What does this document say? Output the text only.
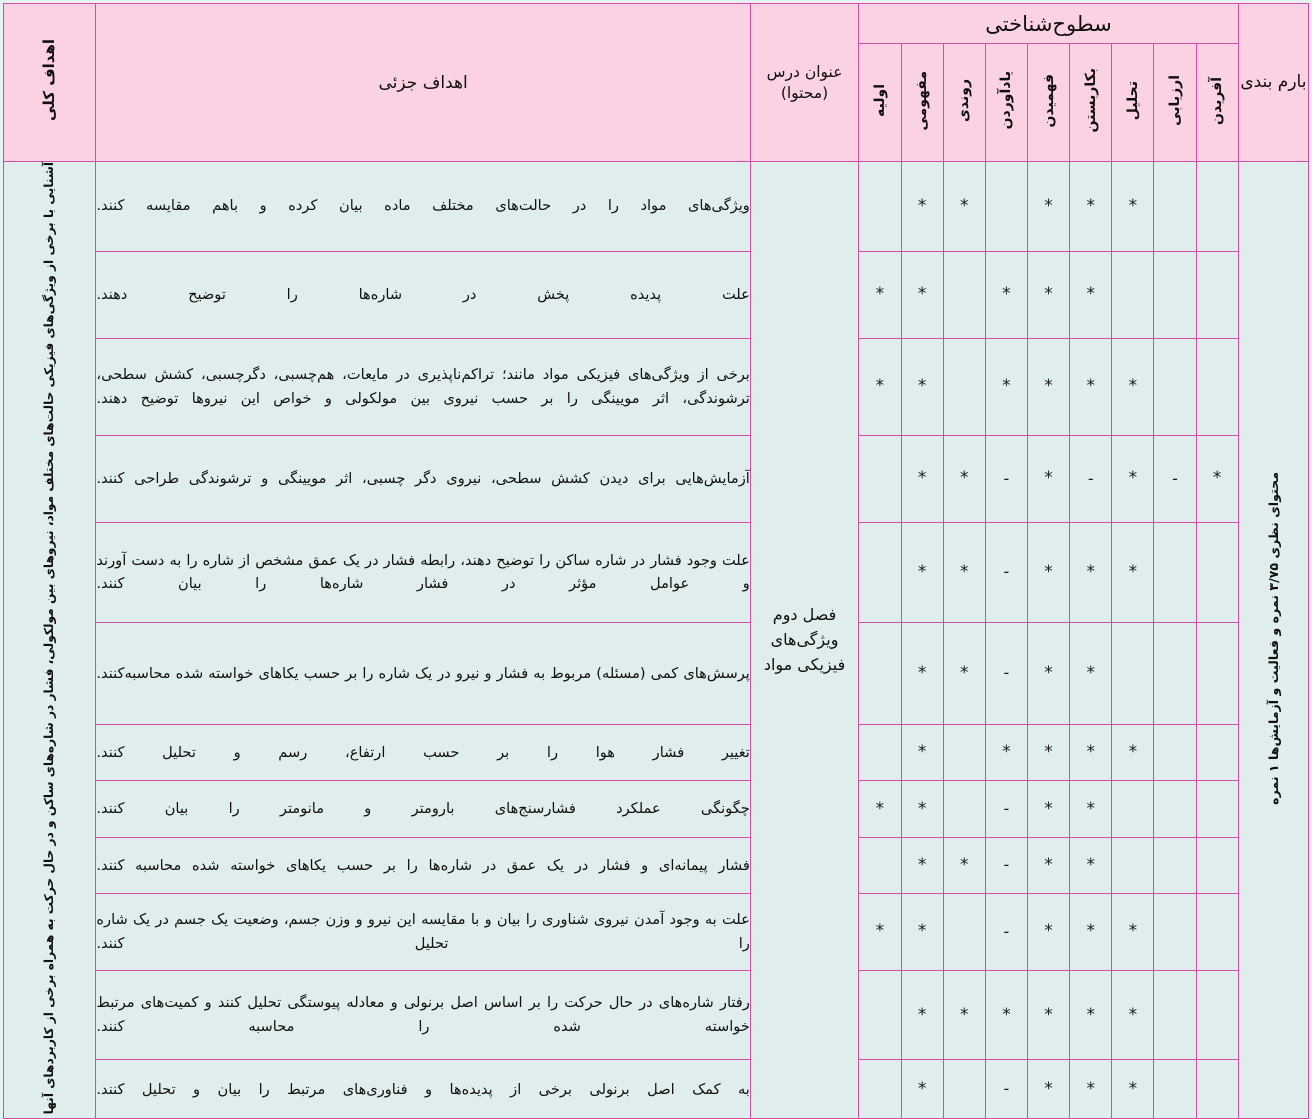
بارم بندی	سطوح‌شناختی									عنوان درس (محتوا)	اهداف جزئی	اهداف کلی
	آفریدن	ارزیابی	تحلیل	بکاربستن	فهمیدن	یادآوردن	روندی	مفهومی	اولیه			
محتوای نظری ۳/۷۵ نمره و فعالیت و آزمایش‌ها ۱ نمره			*	*	*		*	*		فصل دوم ویژگی‌های فیزیکی مواد	ویژگی‌های مواد را در حالت‌های مختلف ماده بیان کرده و باهم مقایسه کنند.	آشنایی با برخی از ویژگی‌های فیزیکی حالت‌های مختلف مواد، نیروهای بین مولکولی، فشار در شاره‌های ساکن و در حال حرکت به همراه برخی از کاربردهای آنها
				*	*	*		*	*		علت پدیده پخش در شاره‌ها را توضیح دهند.	
			*	*	*	*		*	*		برخی از ویژگی‌های فیزیکی مواد مانند؛ تراکم‌ناپذیری در مایعات، هم‌چسبی، دگرچسبی، کشش سطحی، ترشوندگی، اثر مویینگی را بر حسب نیروی بین مولکولی و خواص این نیروها توضیح دهند.	
	*	-	*	-	*	-	*	*			آزمایش‌هایی برای دیدن کشش سطحی، نیروی دگر چسبی، اثر مویینگی و ترشوندگی طراحی کنند.	
			*	*	*	-	*	*			علت وجود فشار در شاره ساکن را توضیح دهند، رابطه فشار در یک عمق مشخص از شاره را به دست آورند و عوامل مؤثر در فشار شاره‌ها را بیان کنند.	
				*	*	-	*	*			پرسش‌های کمی (مسئله) مربوط به فشار و نیرو در یک شاره را بر حسب یکاهای خواسته شده محاسبه‌کنند.	
			*	*	*	*		*			تغییر فشار هوا را بر حسب ارتفاع، رسم و تحلیل کنند.	
				*	*	-		*	*		چگونگی عملکرد فشارسنج‌های بارومتر و مانومتر را بیان کنند.	
				*	*	-	*	*			فشار پیمانه‌ای و فشار در یک عمق در شاره‌ها را بر حسب یکاهای خواسته شده محاسبه کنند.	
			*	*	*	-		*	*		علت به وجود آمدن نیروی شناوری را بیان و با مقایسه این نیرو و وزن جسم، وضعیت یک جسم در یک شاره را تحلیل کنند.	
			*	*	*	*	*	*			رفتار شاره‌های در حال حرکت را بر اساس اصل برنولی و معادله پیوستگی تحلیل کنند و کمیت‌های مرتبط خواسته شده را محاسبه کنند.	
			*	*	*	-		*			به کمک اصل برنولی برخی از پدیده‌ها و فناوری‌های مرتبط را بیان و تحلیل کنند.	
